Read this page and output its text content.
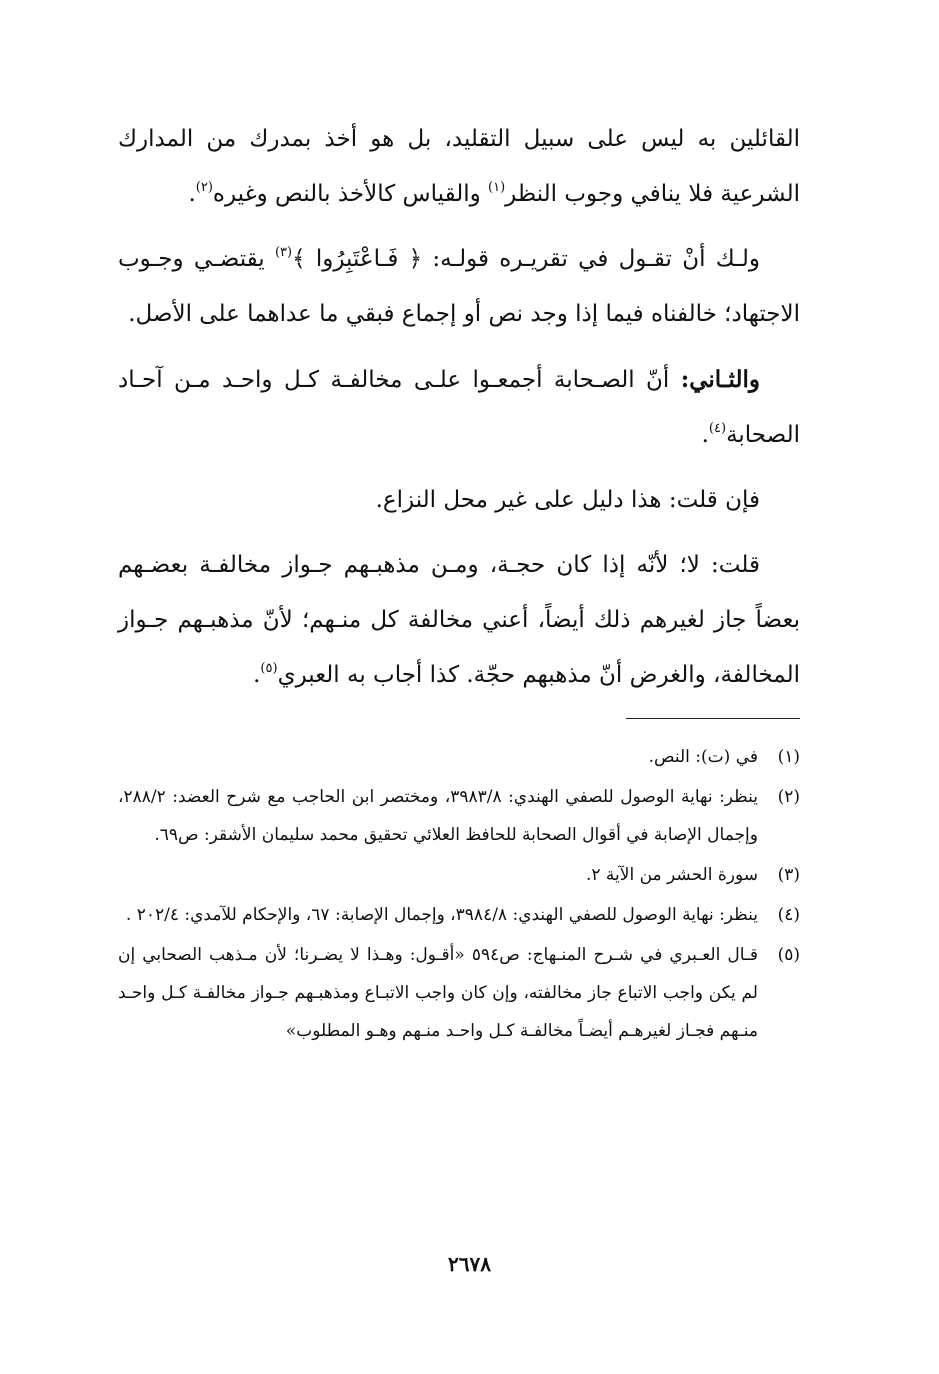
القائلين به ليس على سبيل التقليد، بل هو أخذ بمدرك من المدارك الشرعية فلا ينافي وجوب النظر$^{(١)}$ والقياس كالأخذ بالنص وغيره$^{(٢)}$.

ولـك أنْ تقـول في تقريـره قولـه: ﴿ فَـاعْتَبِرُوا ﴾$^{(٣)}$ يقتضـي وجـوب الاجتهاد؛ خالفناه فيما إذا وجد نص أو إجماع فبقي ما عداهما على الأصل.

والثـاني: أنّ الصـحابة أجمعـوا علـى مخالفـة كـل واحـد مـن آحـاد الصحابة$^{(٤)}$.

فإن قلت: هذا دليل على غير محل النزاع.

قلت: لا؛ لأنّه إذا كان حجـة، ومـن مذهبـهم جـواز مخالفـة بعضـهم بعضاً جاز لغيرهم ذلك أيضاً، أعني مخالفة كل منـهم؛ لأنّ مذهبـهم جـواز المخالفة، والغرض أنّ مذهبهم حجّة. كذا أجاب به العبري$^{(٥)}$.

(١)
في (ت): النص.
(٢)
ينظر: نهاية الوصول للصفي الهندي: ٣٩٨٣/٨، ومختصر ابن الحاجب مع شرح العضد: ٢٨٨/٢، وإجمال الإصابة في أقوال الصحابة للحافظ العلائي تحقيق محمد سليمان الأشقر: ص٦٩.
(٣)
سورة الحشر من الآية ٢.
(٤)
ينظر: نهاية الوصول للصفي الهندي: ٣٩٨٤/٨، وإجمال الإصابة: ٦٧، والإحكام للآمدي: ٢٠٢/٤ .
(٥)
قـال العـبري في شـرح المنـهاج: ص٥٩٤ «أقـول: وهـذا لا يضـرنا؛ لأن مـذهب الصحابي إن لم يكن واجب الاتباع جاز مخالفته، وإن كان واجب الاتبـاع ومذهبـهم جـواز مخالفـة كـل واحـد منـهم فجـاز لغيرهـم أيضـاً مخالفـة كـل واحـد منـهم وهـو المطلوب»
٢٦٧٨
